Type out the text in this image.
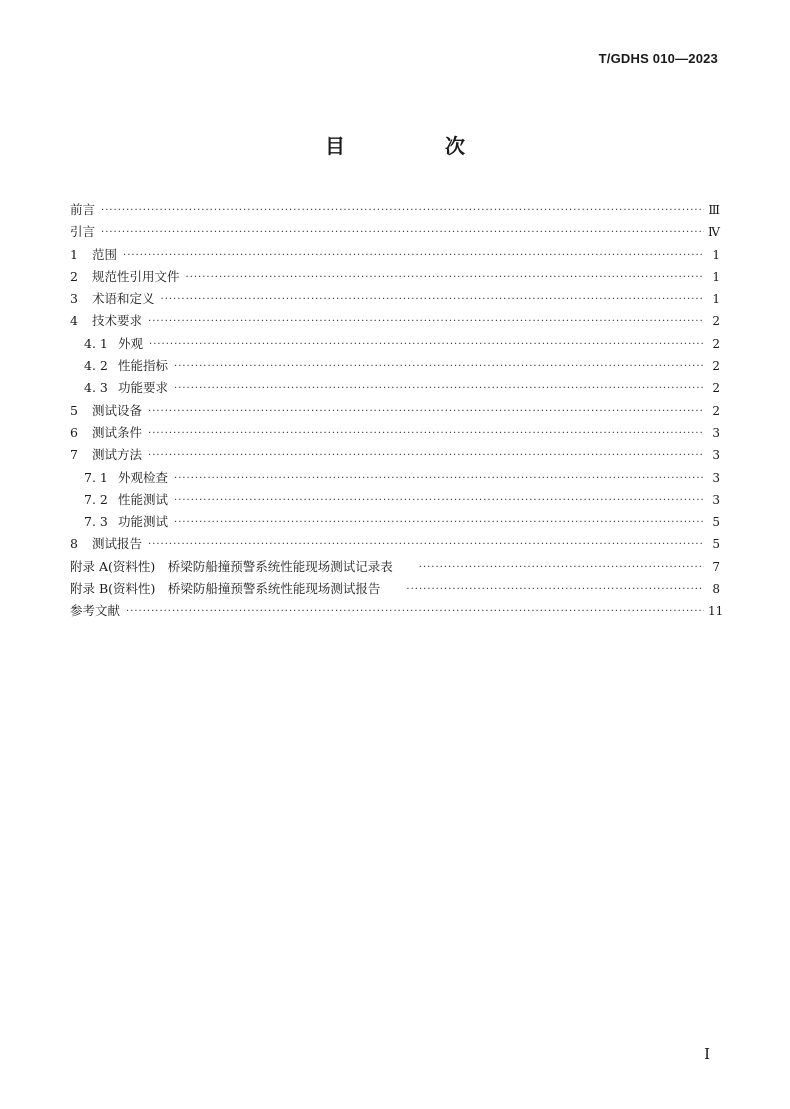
T/GDHS 010—2023
目　次
前言 ·····	Ⅲ
引言 ·····	Ⅳ
1	范围 ·····	1
2	规范性引用文件 ·····	1
3	术语和定义 ·····	1
4	技术要求 ·····	2
4. 1 外观 ·····	2
4. 2 性能指标 ·····	2
4. 3 功能要求 ·····	2
5	测试设备 ·····	2
6	测试条件 ·····	3
7	测试方法 ·····	3
7. 1 外观检查 ·····	3
7. 2 性能测试 ·····	3
7. 3 功能测试 ·····	5
8	测试报告 ·····	5
附录 A(资料性)　桥梁防船撞预警系统性能现场测试记录表 ·····	7
附录 B(资料性)　桥梁防船撞预警系统性能现场测试报告 ·····	8
参考文献 ·····	11
Ⅰ
